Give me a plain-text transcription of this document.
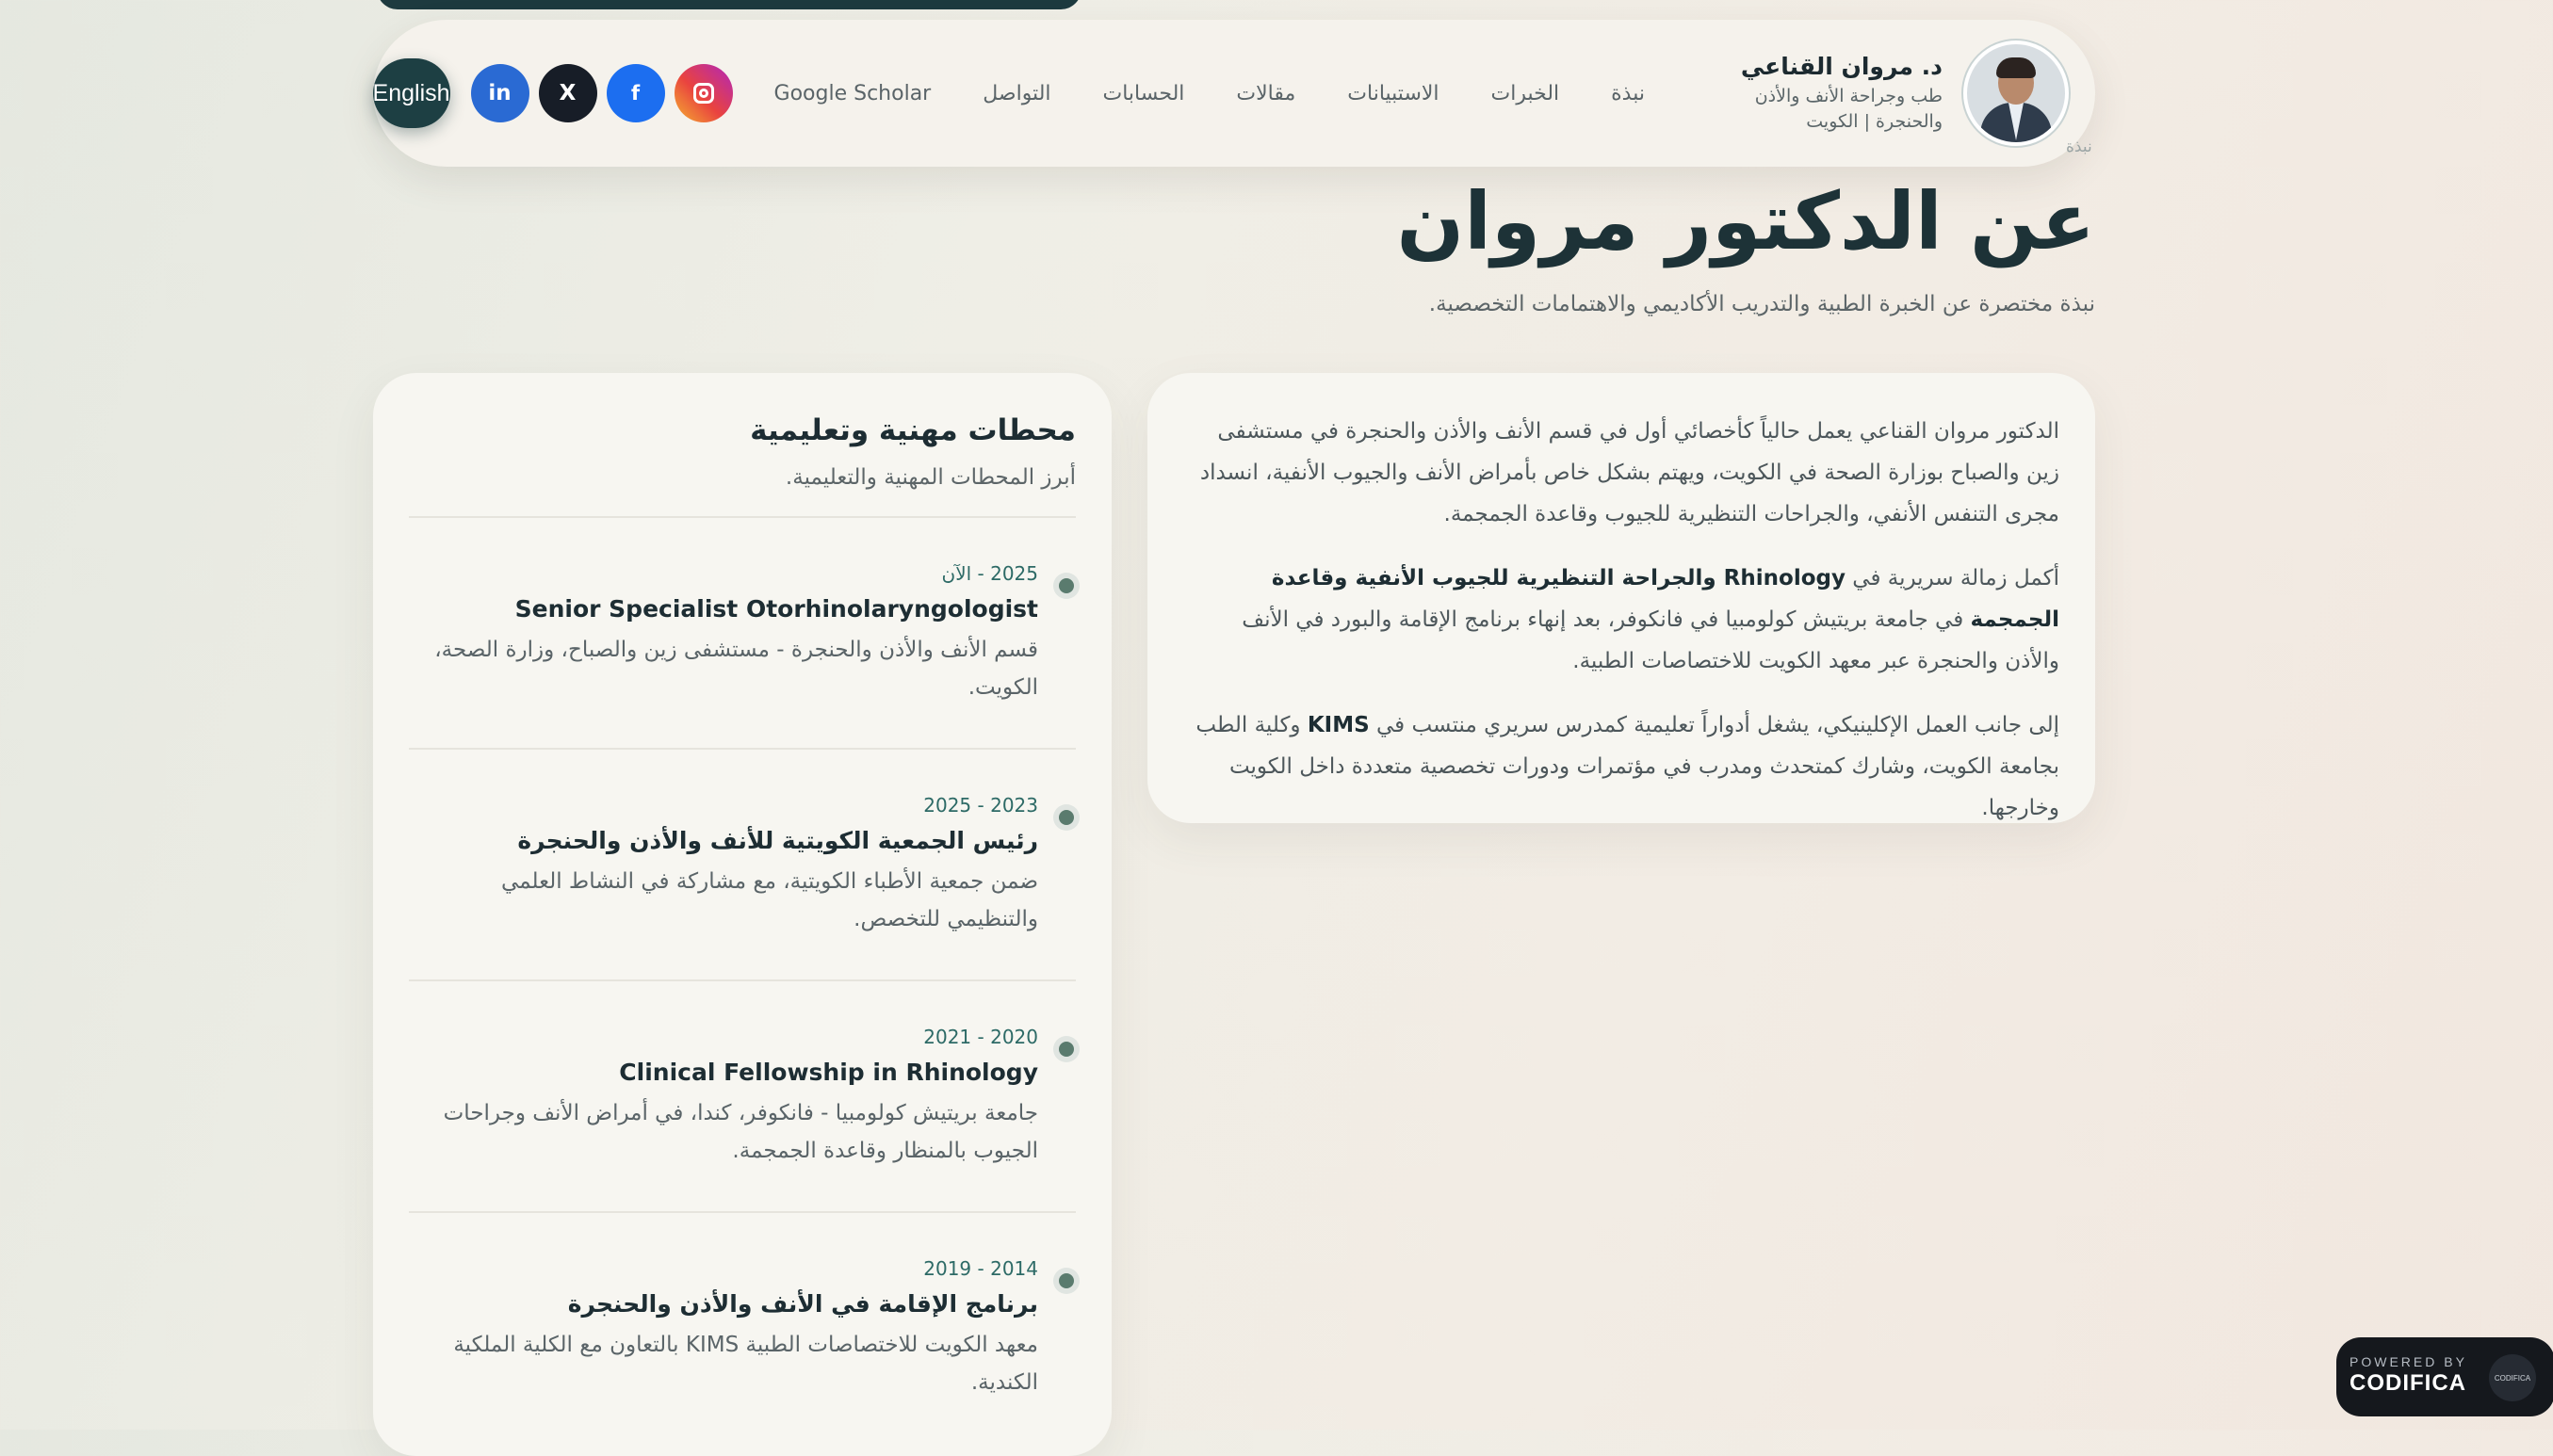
د. مروان القناعي
طب وجراحة الأنف والأذن والحنجرة | الكويت
نبذة
الخبرات
الاستبيانات
مقالات
الحسابات
التواصل
Google Scholar
f
X
in
English
نبذة
عن الدكتور مروان
نبذة مختصرة عن الخبرة الطبية والتدريب الأكاديمي والاهتمامات التخصصية.

الدكتور مروان القناعي يعمل حالياً كأخصائي أول في قسم الأنف والأذن والحنجرة في مستشفى زين والصباح بوزارة الصحة في الكويت، ويهتم بشكل خاص بأمراض الأنف والجيوب الأنفية، انسداد مجرى التنفس الأنفي، والجراحات التنظيرية للجيوب وقاعدة الجمجمة.

أكمل زمالة سريرية في Rhinology والجراحة التنظيرية للجيوب الأنفية وقاعدة الجمجمة في جامعة بريتيش كولومبيا في فانكوفر، بعد إنهاء برنامج الإقامة والبورد في الأنف والأذن والحنجرة عبر معهد الكويت للاختصاصات الطبية.

إلى جانب العمل الإكلينيكي، يشغل أدواراً تعليمية كمدرس سريري منتسب في KIMS وكلية الطب بجامعة الكويت، وشارك كمتحدث ومدرب في مؤتمرات ودورات تخصصية متعددة داخل الكويت وخارجها.

محطات مهنية وتعليمية
أبرز المحطات المهنية والتعليمية.
2025 - الآن
Senior Specialist Otorhinolaryngologist
قسم الأنف والأذن والحنجرة - مستشفى زين والصباح، وزارة الصحة، الكويت.
2023 - 2025
رئيس الجمعية الكويتية للأنف والأذن والحنجرة
ضمن جمعية الأطباء الكويتية، مع مشاركة في النشاط العلمي والتنظيمي للتخصص.
2020 - 2021
Clinical Fellowship in Rhinology
جامعة بريتيش كولومبيا - فانكوفر، كندا، في أمراض الأنف وجراحات الجيوب بالمنظار وقاعدة الجمجمة.
2014 - 2019
برنامج الإقامة في الأنف والأذن والحنجرة
معهد الكويت للاختصاصات الطبية KIMS بالتعاون مع الكلية الملكية الكندية.
POWERED BY
CODIFICA	CODIFICA
